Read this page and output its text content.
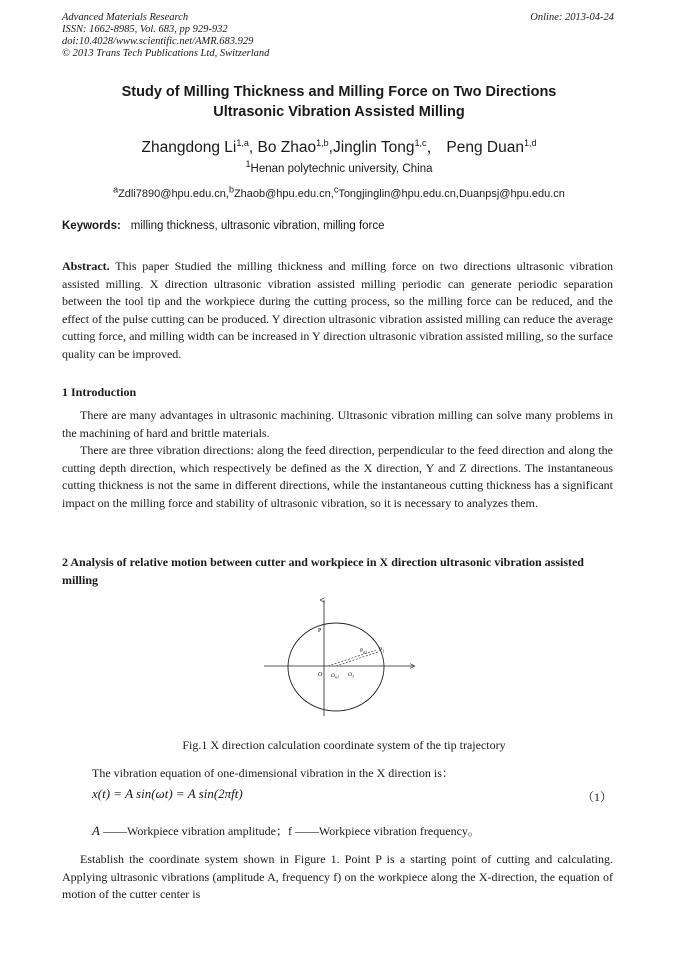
Advanced Materials Research
ISSN: 1662-8985, Vol. 683, pp 929-932
doi:10.4028/www.scientific.net/AMR.683.929
© 2013 Trans Tech Publications Ltd, Switzerland
Online: 2013-04-24
Study of Milling Thickness and Milling Force on Two Directions
Ultrasonic Vibration Assisted Milling
Zhangdong Li$^{1,a}$, Bo Zhao$^{1,b}$,Jinglin Tong$^{1,c}$， Peng Duan$^{1,d}$
$^1$Henan polytechnic university, China
$^a$Zdli7890@hpu.edu.cn,$^b$Zhaob@hpu.edu.cn,$^c$Tongjinglin@hpu.edu.cn,Duanpsj@hpu.edu.cn
Keywords: milling thickness, ultrasonic vibration, milling force
Abstract. This paper Studied the milling thickness and milling force on two directions ultrasonic vibration assisted milling. X direction ultrasonic vibration assisted milling periodic can generate periodic separation between the tool tip and the workpiece during the cutting process, so the milling force can be reduced, and the effect of the pulse cutting can be produced. Y direction ultrasonic vibration assisted milling can reduce the average cutting force, and milling width can be increased in Y direction ultrasonic vibration assisted milling, so the surface quality can be improved.
1 Introduction
There are many advantages in ultrasonic machining. Ultrasonic vibration milling can solve many problems in the machining of hard and brittle materials.
There are three vibration directions: along the feed direction, perpendicular to the feed direction and along the cutting depth direction, which respectively be defined as the X direction, Y and Z directions. The instantaneous cutting thickness is not the same in different directions, while the instantaneous cutting thickness has a significant impact on the milling force and stability of ultrasonic vibration, so it is necessary to analyzes them.
2 Analysis of relative motion between cutter and workpiece in X direction ultrasonic vibration assisted milling
P
$P_{n1}$ $P_1$
O $O_{n1}$ $O_1$
Fig.1 X direction calculation coordinate system of the tip trajectory
The vibration equation of one-dimensional vibration in the X direction is：
x(t) = A sin(ωt) = A sin(2πft)	（1）
A ——Workpiece vibration amplitude；f ——Workpiece vibration frequency。
Establish the coordinate system shown in Figure 1. Point P is a starting point of cutting and calculating. Applying ultrasonic vibrations (amplitude A, frequency f) on the workpiece along the X-direction, the equation of motion of the cutter center is
